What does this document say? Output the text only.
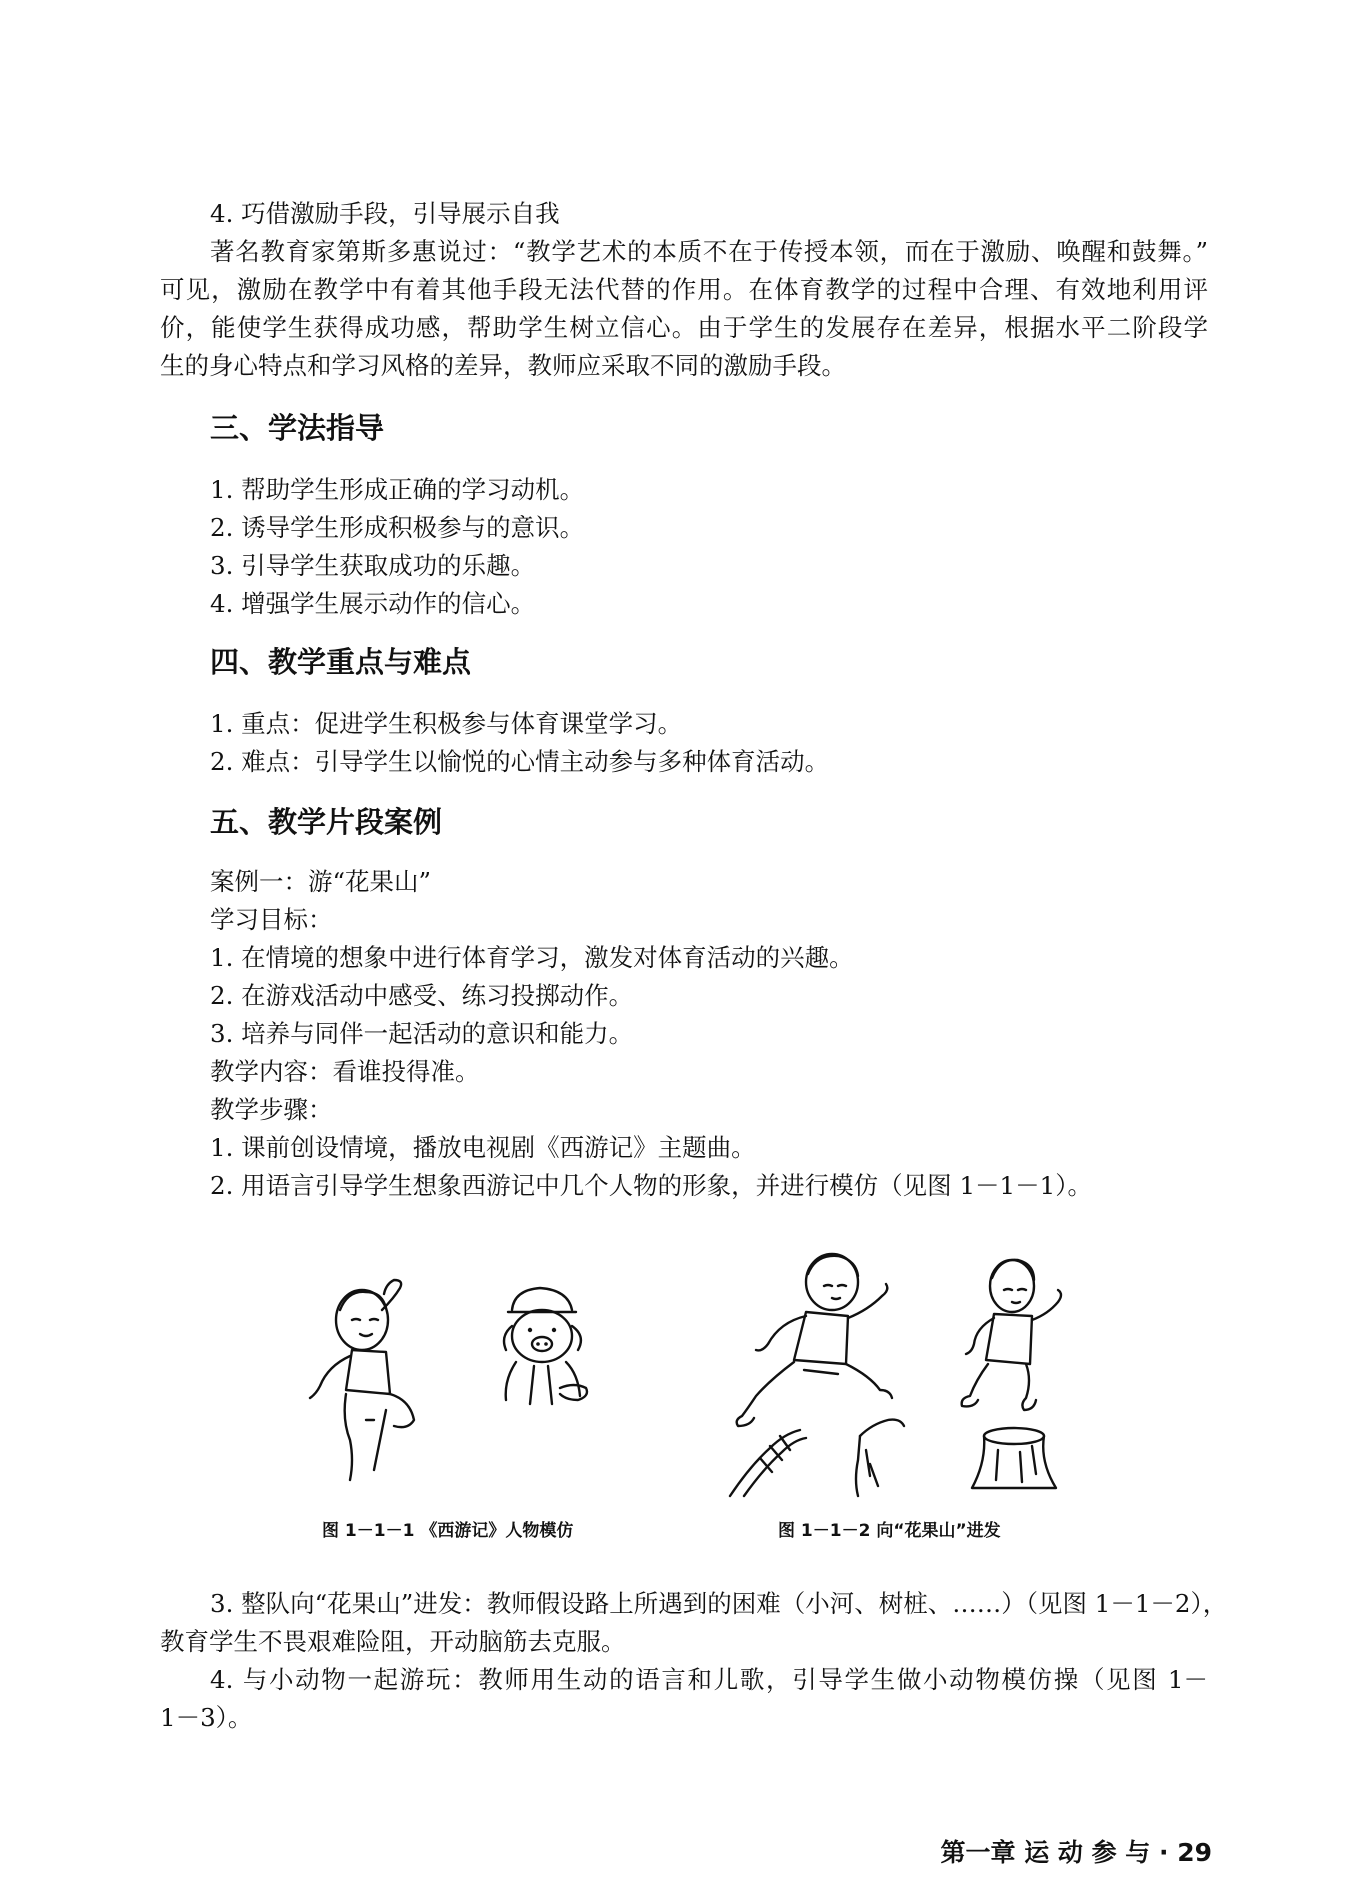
4. 巧借激励手段，引导展示自我
著名教育家第斯多惠说过：“教学艺术的本质不在于传授本领，而在于激励、唤醒和鼓舞。”
可见，激励在教学中有着其他手段无法代替的作用。在体育教学的过程中合理、有效地利用评
价，能使学生获得成功感，帮助学生树立信心。由于学生的发展存在差异，根据水平二阶段学
生的身心特点和学习风格的差异，教师应采取不同的激励手段。
三、学法指导
1. 帮助学生形成正确的学习动机。
2. 诱导学生形成积极参与的意识。
3. 引导学生获取成功的乐趣。
4. 增强学生展示动作的信心。
四、教学重点与难点
1. 重点：促进学生积极参与体育课堂学习。
2. 难点：引导学生以愉悦的心情主动参与多种体育活动。
五、教学片段案例
案例一：游“花果山”
学习目标：
1. 在情境的想象中进行体育学习，激发对体育活动的兴趣。
2. 在游戏活动中感受、练习投掷动作。
3. 培养与同伴一起活动的意识和能力。
教学内容：看谁投得准。
教学步骤：
1. 课前创设情境，播放电视剧《西游记》主题曲。
2. 用语言引导学生想象西游记中几个人物的形象，并进行模仿（见图 1－1－1）。
图 1－1－1 《西游记》人物模仿	图 1－1－2 向“花果山”进发
3. 整队向“花果山”进发：教师假设路上所遇到的困难（小河、树桩、……）（见图 1－1－2），
教育学生不畏艰难险阻，开动脑筋去克服。
4. 与小动物一起游玩：教师用生动的语言和儿歌，引导学生做小动物模仿操（见图 1－
1－3）。
第一章 运 动 参 与 · 29
